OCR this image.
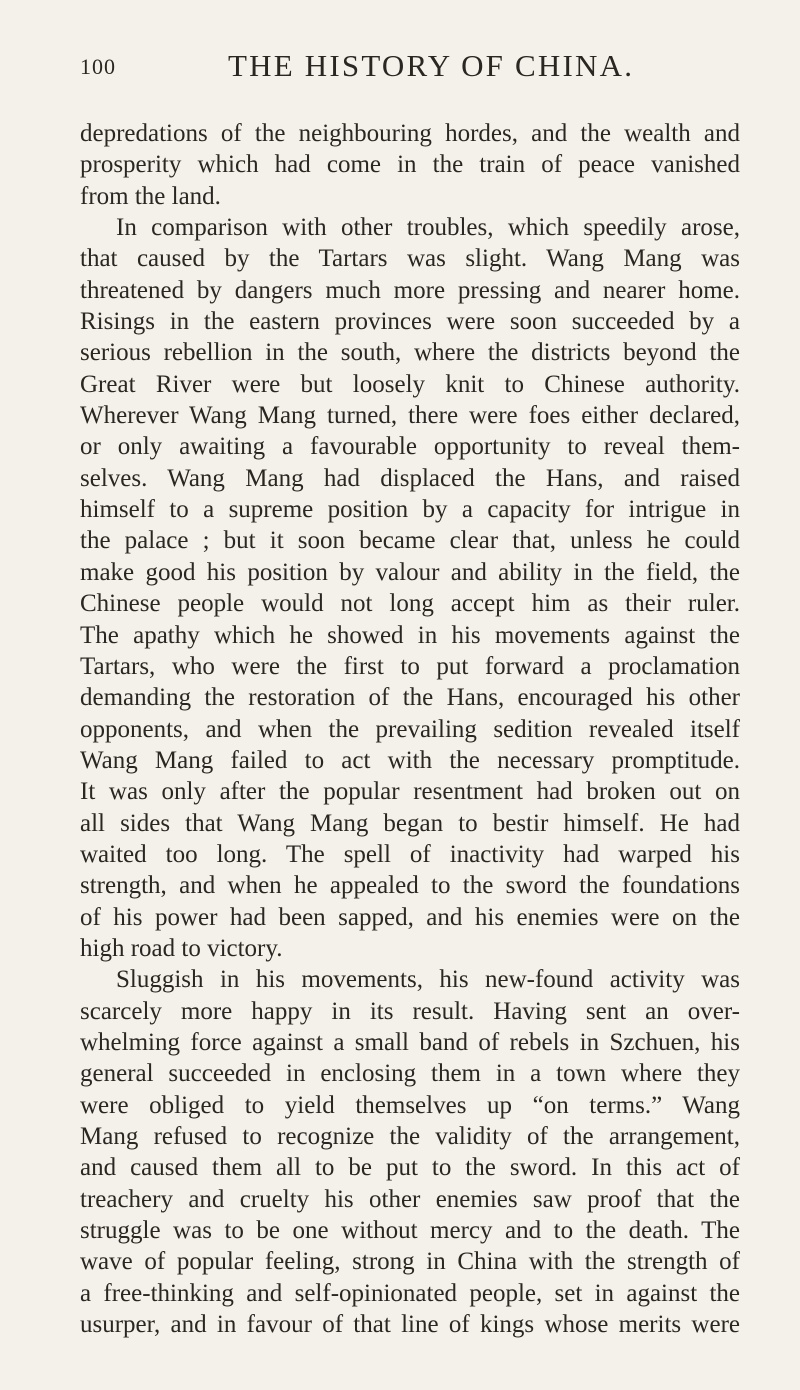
100	THE HISTORY OF CHINA.
depredations of the neighbouring hordes, and the wealth and
prosperity which had come in the train of peace vanished
from the land.
In comparison with other troubles, which speedily arose,
that caused by the Tartars was slight. Wang Mang was
threatened by dangers much more pressing and nearer home.
Risings in the eastern provinces were soon succeeded by a
serious rebellion in the south, where the districts beyond the
Great River were but loosely knit to Chinese authority.
Wherever Wang Mang turned, there were foes either declared,
or only awaiting a favourable opportunity to reveal them-
selves. Wang Mang had displaced the Hans, and raised
himself to a supreme position by a capacity for intrigue in
the palace ; but it soon became clear that, unless he could
make good his position by valour and ability in the field, the
Chinese people would not long accept him as their ruler.
The apathy which he showed in his movements against the
Tartars, who were the first to put forward a proclamation
demanding the restoration of the Hans, encouraged his other
opponents, and when the prevailing sedition revealed itself
Wang Mang failed to act with the necessary promptitude.
It was only after the popular resentment had broken out on
all sides that Wang Mang began to bestir himself. He had
waited too long. The spell of inactivity had warped his
strength, and when he appealed to the sword the foundations
of his power had been sapped, and his enemies were on the
high road to victory.
Sluggish in his movements, his new-found activity was
scarcely more happy in its result. Having sent an over-
whelming force against a small band of rebels in Szchuen, his
general succeeded in enclosing them in a town where they
were obliged to yield themselves up “on terms.” Wang
Mang refused to recognize the validity of the arrangement,
and caused them all to be put to the sword. In this act of
treachery and cruelty his other enemies saw proof that the
struggle was to be one without mercy and to the death. The
wave of popular feeling, strong in China with the strength of
a free-thinking and self-opinionated people, set in against the
usurper, and in favour of that line of kings whose merits were
